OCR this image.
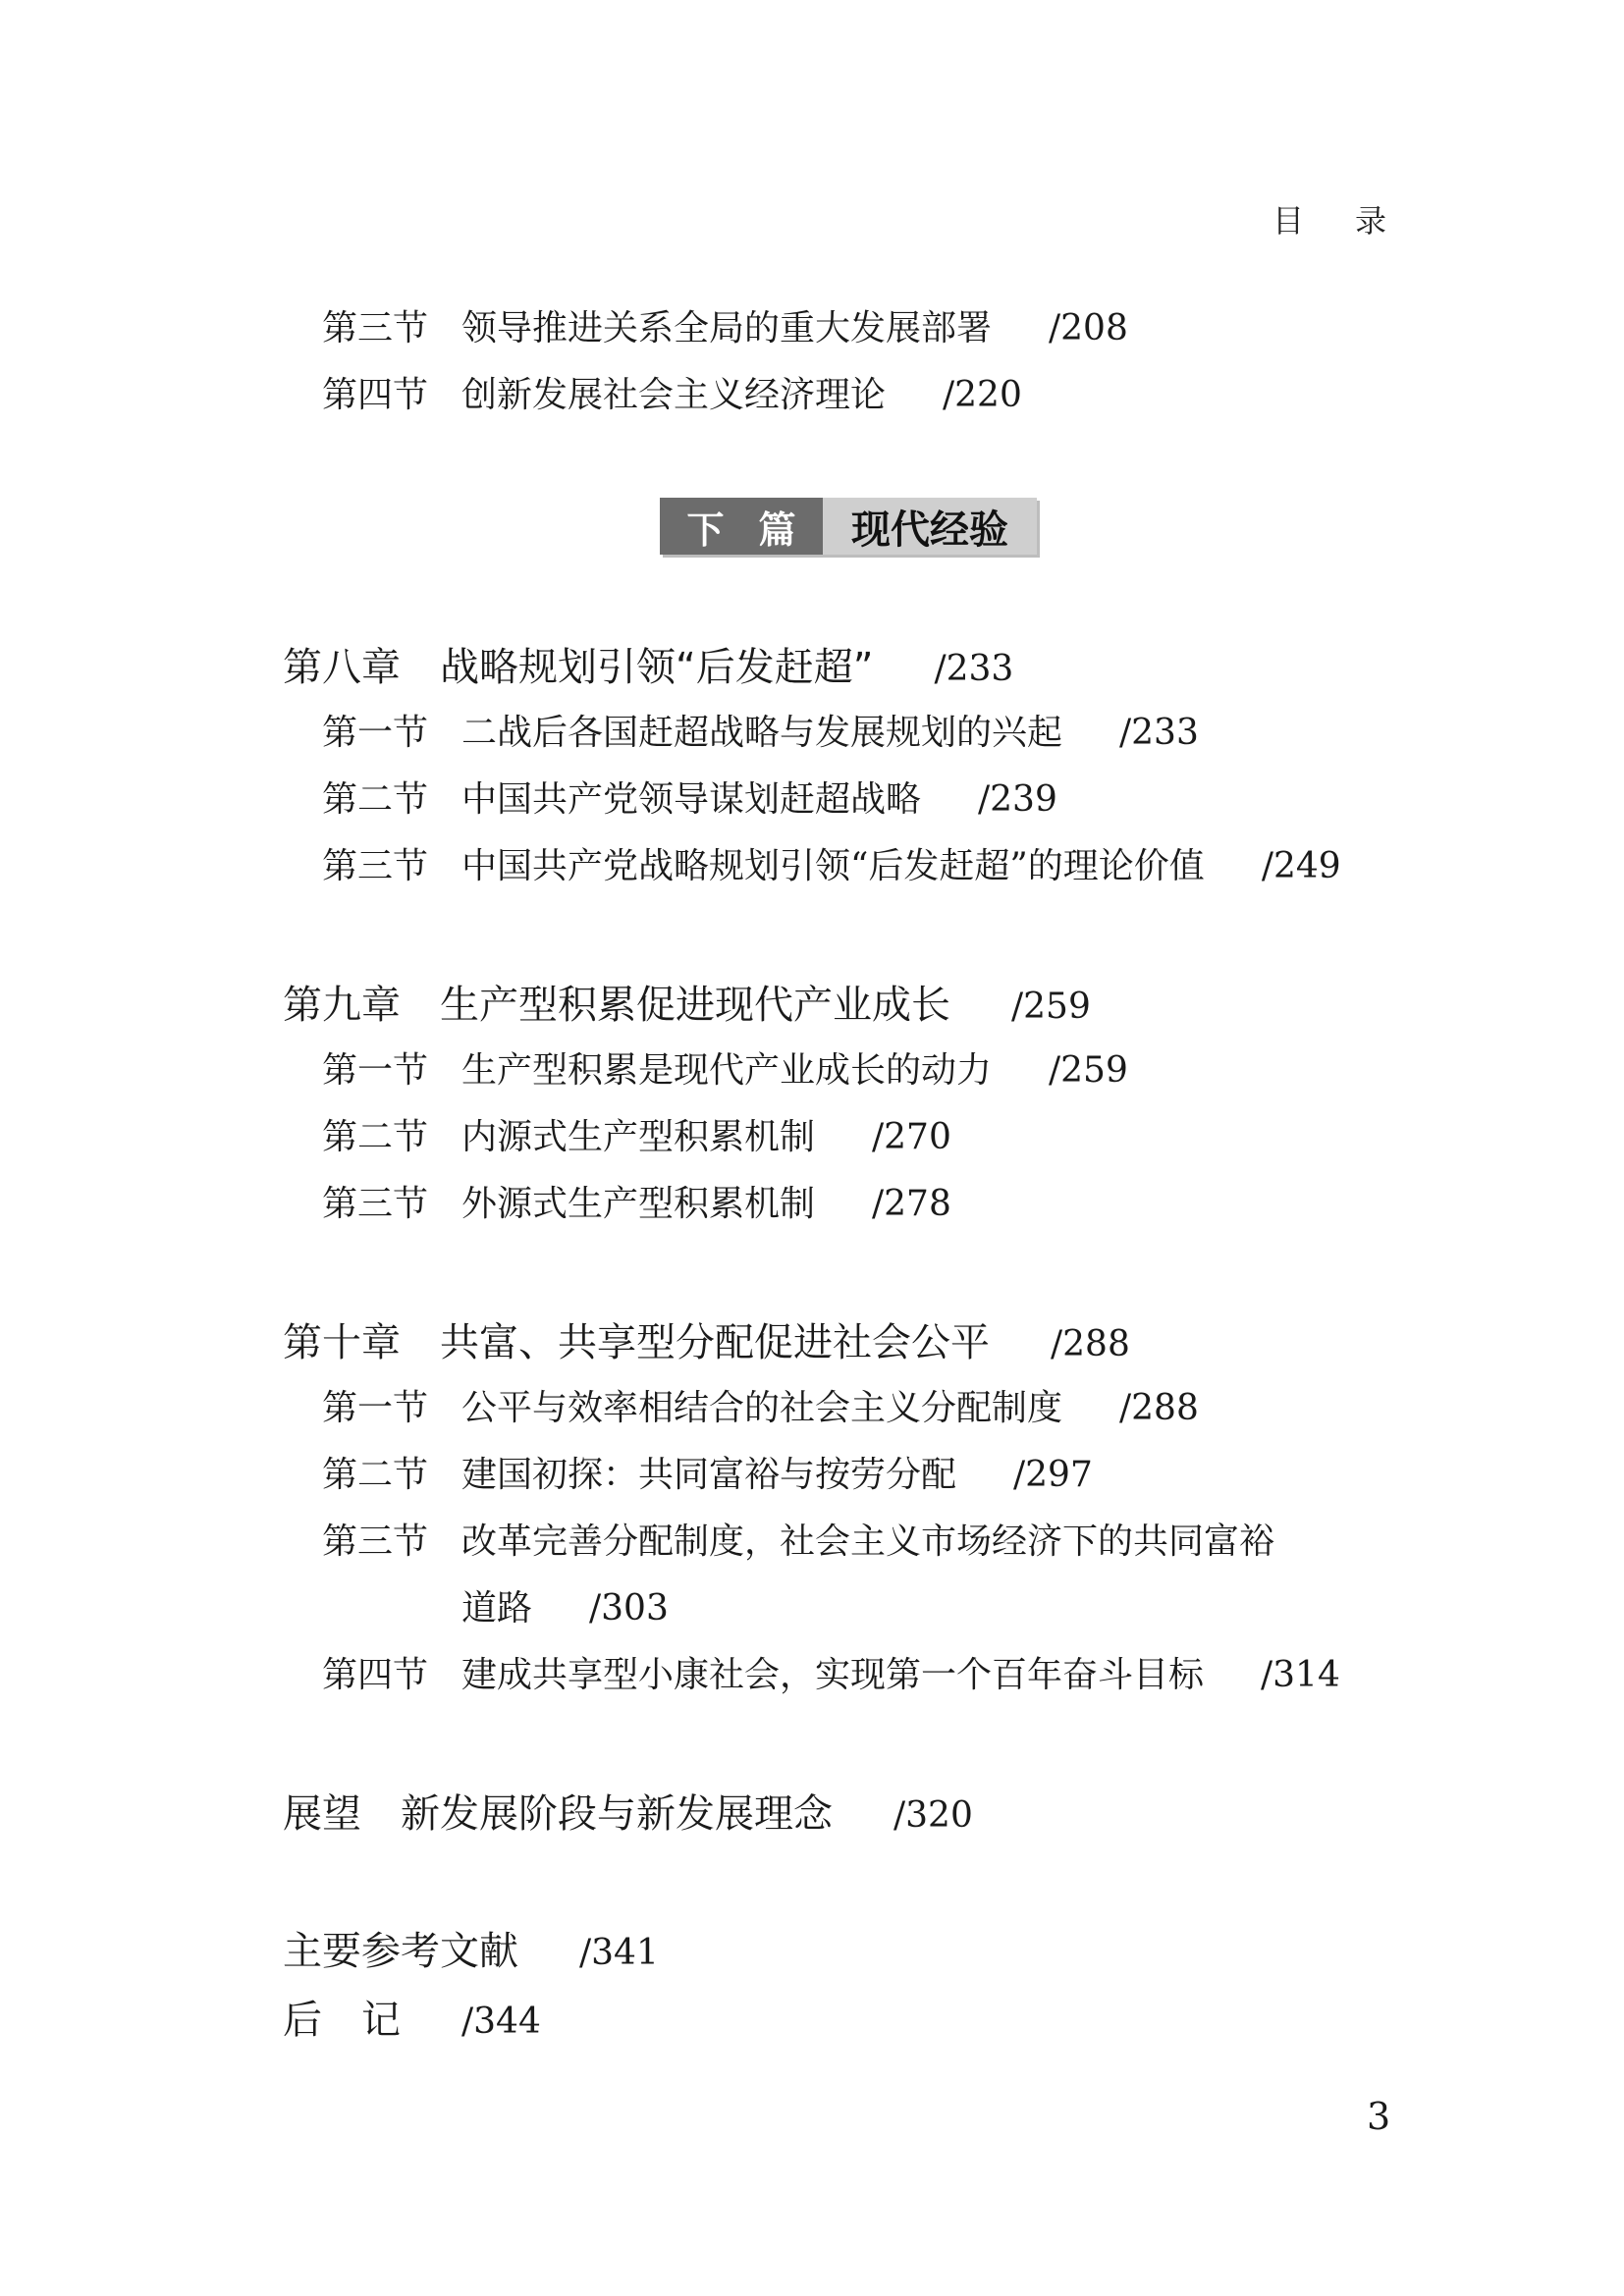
目录
第三节 领导推进关系全局的重大发展部署 /208
第四节 创新发展社会主义经济理论 /220
下 篇	现代经验
第八章 战略规划引领“后发赶超” /233
第一节 二战后各国赶超战略与发展规划的兴起 /233
第二节 中国共产党领导谋划赶超战略 /239
第三节 中国共产党战略规划引领“后发赶超”的理论价值 /249
第九章 生产型积累促进现代产业成长 /259
第一节 生产型积累是现代产业成长的动力 /259
第二节 内源式生产型积累机制 /270
第三节 外源式生产型积累机制 /278
第十章 共富、共享型分配促进社会公平 /288
第一节 公平与效率相结合的社会主义分配制度 /288
第二节 建国初探：共同富裕与按劳分配 /297
第三节 改革完善分配制度，社会主义市场经济下的共同富裕
道路 /303
第四节 建成共享型小康社会，实现第一个百年奋斗目标 /314
展望 新发展阶段与新发展理念 /320
主要参考文献 /341
后 记 /344
3
